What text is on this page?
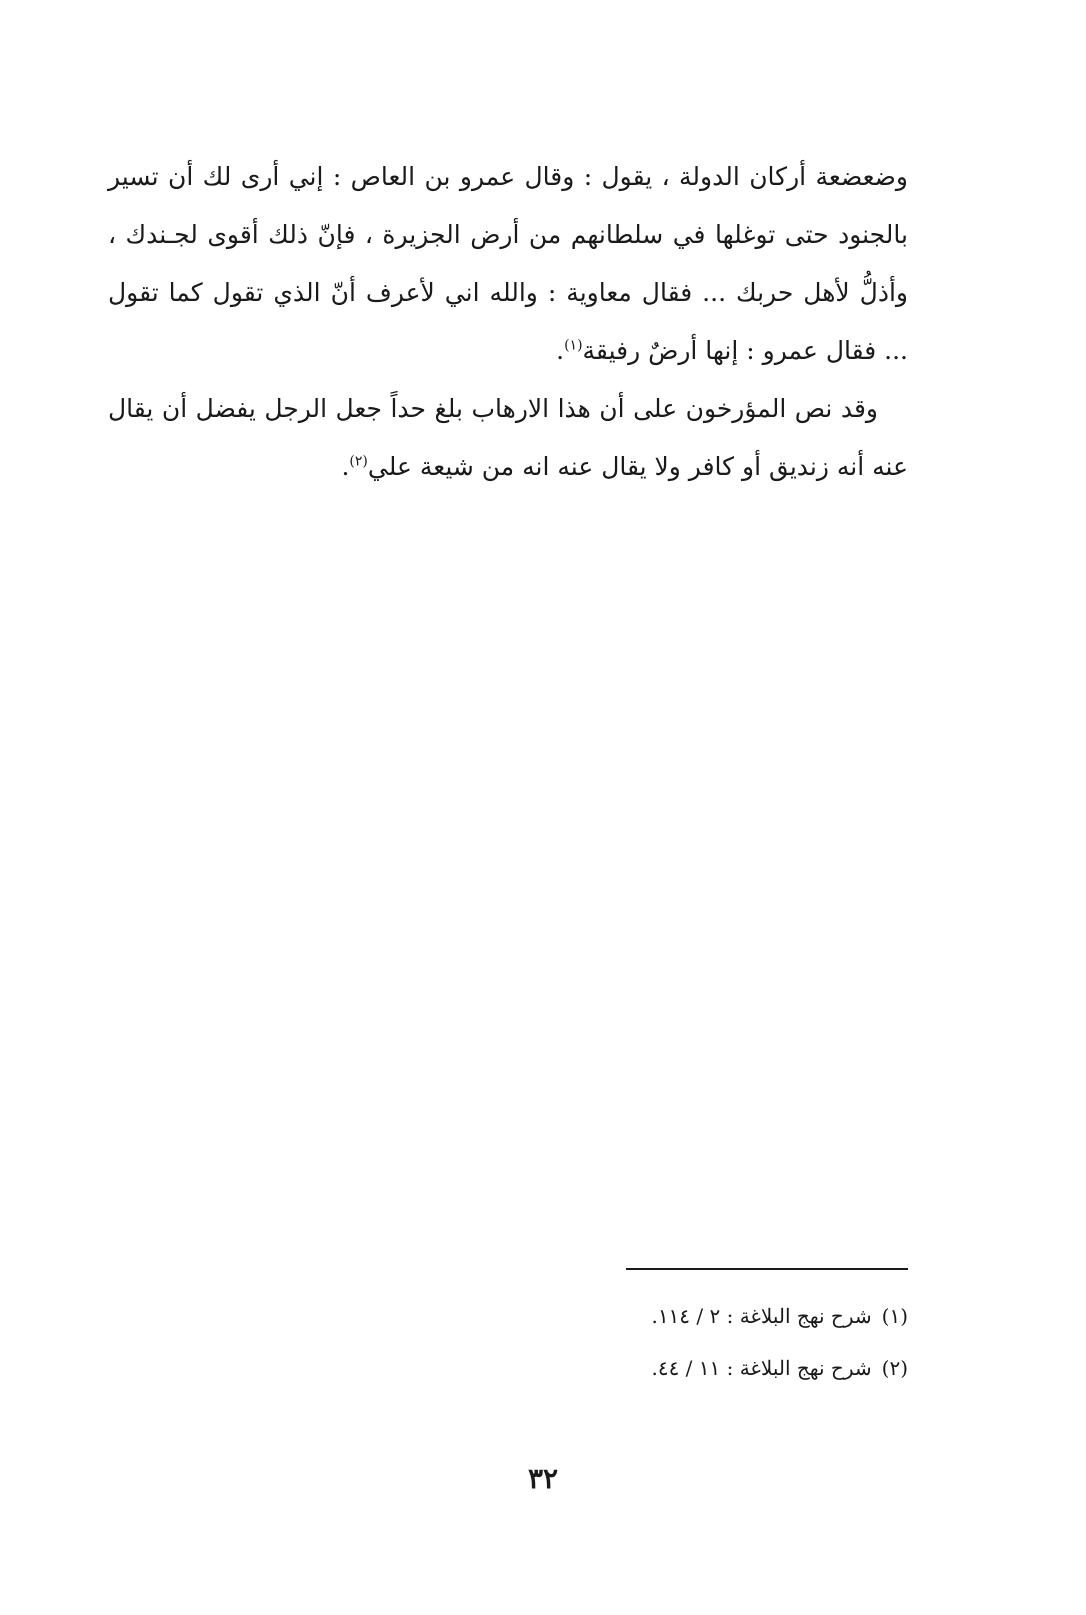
وضعضعة أركان الدولة ، يقول : وقال عمرو بن العاص : إني أرى لك أن تسير بالجنود حتى توغلها في سلطانهم من أرض الجزيرة ، فإنّ ذلك أقوى لجـندك ، وأذلُّ لأهل حربك ... فقال معاوية : والله اني لأعرف أنّ الذي تقول كما تقول ... فقال عمرو : إنها أرضٌ رفيقة$^{(١)}$.

وقد نص المؤرخون على أن هذا الارهاب بلغ حداً جعل الرجل يفضل أن يقال عنه أنه زنديق أو كافر ولا يقال عنه انه من شيعة علي$^{(٢)}$.

(١)شرح نهج البلاغة : ٢ / ١١٤.

(٢)شرح نهج البلاغة : ١١ / ٤٤.

٣٢
